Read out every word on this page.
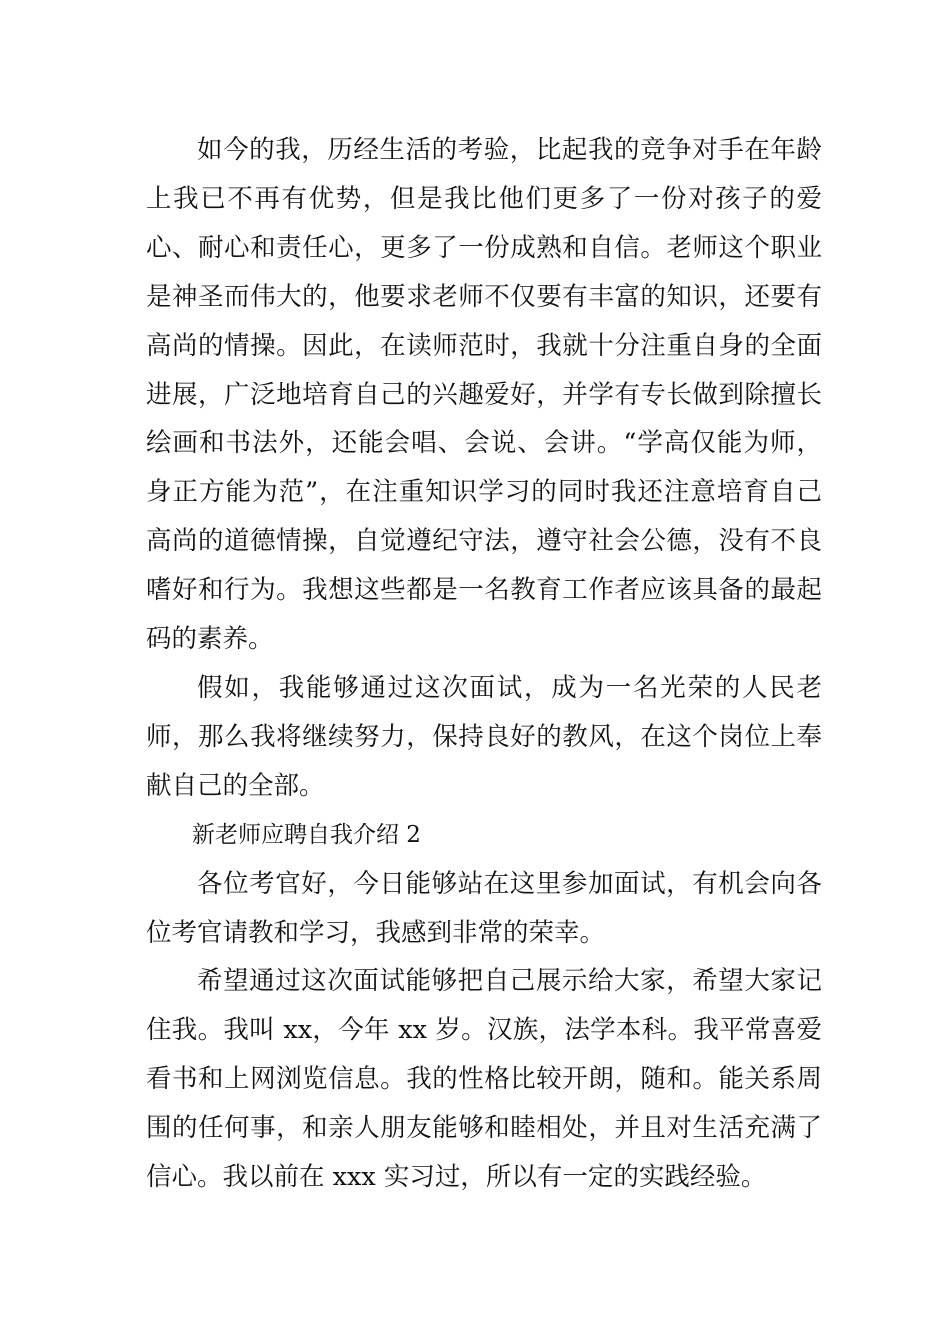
如今的我，历经生活的考验，比起我的竞争对手在年龄上我已不再有优势，但是我比他们更多了一份对孩子的爱心、耐心和责任心，更多了一份成熟和自信。老师这个职业是神圣而伟大的，他要求老师不仅要有丰富的知识，还要有高尚的情操。因此，在读师范时，我就十分注重自身的全面进展，广泛地培育自己的兴趣爱好，并学有专长做到除擅长绘画和书法外，还能会唱、会说、会讲。“学高仅能为师，身正方能为范”，在注重知识学习的同时我还注意培育自己高尚的道德情操，自觉遵纪守法，遵守社会公德，没有不良嗜好和行为。我想这些都是一名教育工作者应该具备的最起码的素养。

假如，我能够通过这次面试，成为一名光荣的人民老师，那么我将继续努力，保持良好的教风，在这个岗位上奉献自己的全部。

新老师应聘自我介绍 2

各位考官好，今日能够站在这里参加面试，有机会向各位考官请教和学习，我感到非常的荣幸。

希望通过这次面试能够把自己展示给大家，希望大家记住我。我叫 xx，今年 xx 岁。汉族，法学本科。我平常喜爱看书和上网浏览信息。我的性格比较开朗，随和。能关系周围的任何事，和亲人朋友能够和睦相处，并且对生活充满了信心。我以前在 xxx 实习过，所以有一定的实践经验。
